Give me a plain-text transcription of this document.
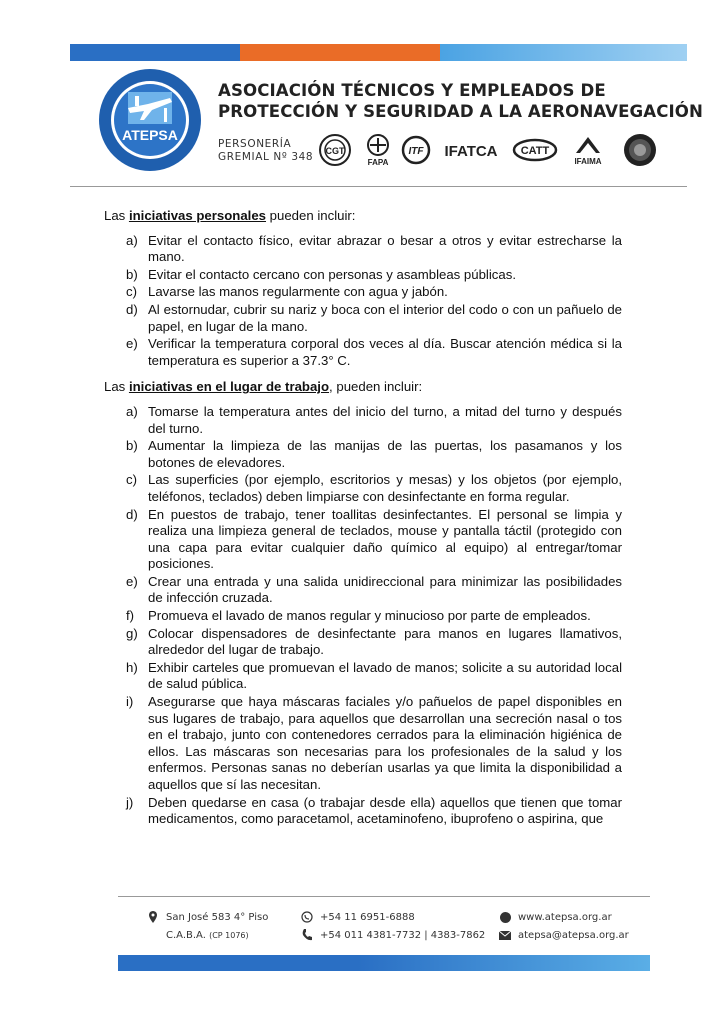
ATEPSA
ASOCIACIÓN TÉCNICOS Y EMPLEADOS DE
PROTECCIÓN Y SEGURIDAD A LA AERONAVEGACIÓN
PERSONERÍA
GREMIAL Nº 348 CGT
FAPA
ITF IFATCA CATT
IFAIMA

Las iniciativas personales pueden incluir:

a) Evitar el contacto físico, evitar abrazar o besar a otros y evitar estrecharse la mano.
b) Evitar el contacto cercano con personas y asambleas públicas.
c) Lavarse las manos regularmente con agua y jabón.
d) Al estornudar, cubrir su nariz y boca con el interior del codo o con un pañuelo de papel, en lugar de la mano.
e) Verificar la temperatura corporal dos veces al día. Buscar atención médica si la temperatura es superior a 37.3° C.

Las iniciativas en el lugar de trabajo, pueden incluir:

a) Tomarse la temperatura antes del inicio del turno, a mitad del turno y después del turno.
b) Aumentar la limpieza de las manijas de las puertas, los pasamanos y los botones de elevadores.
c) Las superficies (por ejemplo, escritorios y mesas) y los objetos (por ejemplo, teléfonos, teclados) deben limpiarse con desinfectante en forma regular.
d) En puestos de trabajo, tener toallitas desinfectantes. El personal se limpia y realiza una limpieza general de teclados, mouse y pantalla táctil (protegido con una capa para evitar cualquier daño químico al equipo) al entregar/tomar posiciones.
e) Crear una entrada y una salida unidireccional para minimizar las posibilidades de infección cruzada.
f) Promueva el lavado de manos regular y minucioso por parte de empleados.
g) Colocar dispensadores de desinfectante para manos en lugares llamativos, alrededor del lugar de trabajo.
h) Exhibir carteles que promuevan el lavado de manos; solicite a su autoridad local de salud pública.
i) Asegurarse que haya máscaras faciales y/o pañuelos de papel disponibles en sus lugares de trabajo, para aquellos que desarrollan una secreción nasal o tos en el trabajo, junto con contenedores cerrados para la eliminación higiénica de ellos. Las máscaras son necesarias para los profesionales de la salud y los enfermos. Personas sanas no deberían usarlas ya que limita la disponibilidad a aquellos que sí las necesitan.
j) Deben quedarse en casa (o trabajar desde ella) aquellos que tienen que tomar medicamentos, como paracetamol, acetaminofeno, ibuprofeno o aspirina, que
San José 583 4° Piso
C.A.B.A.
(CP 1076)
+54 11 6951-6888
+54 011 4381-7732 | 4383-7862
www.atepsa.org.ar
atepsa@atepsa.org.ar
